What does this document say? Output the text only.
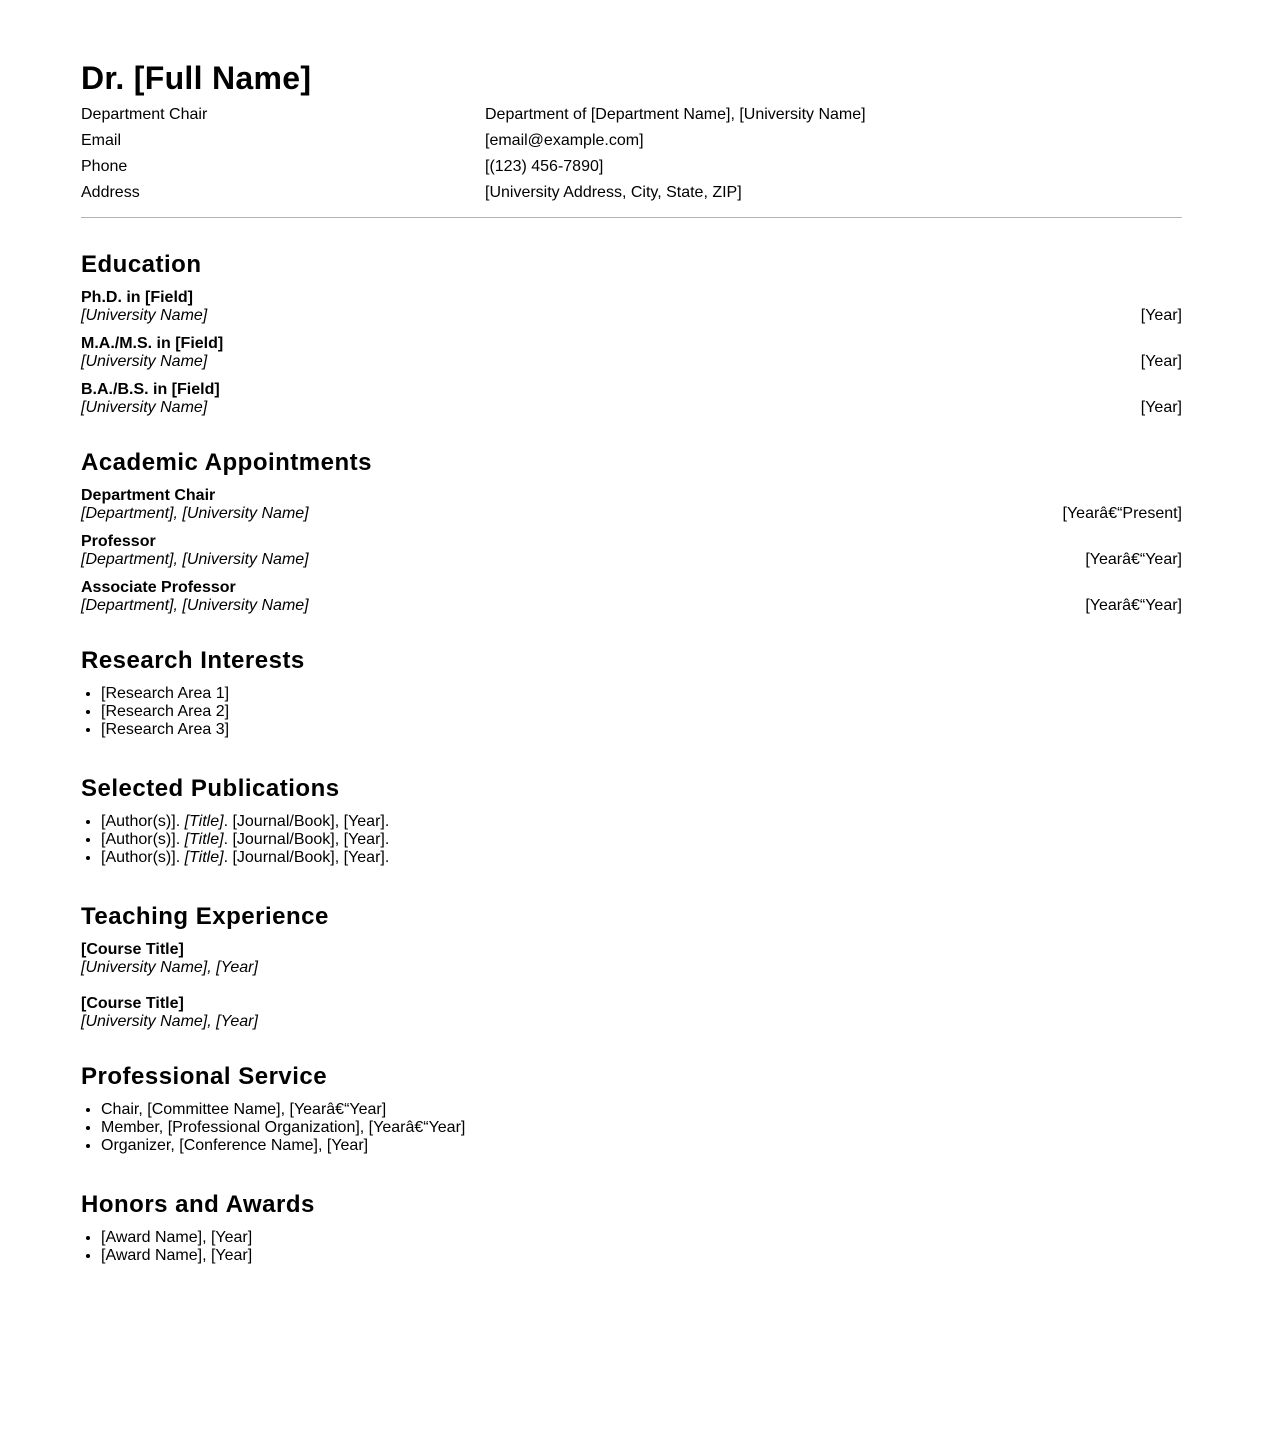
Dr. [Full Name]
Department Chair	Department of [Department Name], [University Name]
Email	[email@example.com]
Phone	[(123) 456-7890]
Address	[University Address, City, State, ZIP]
Education
Ph.D. in [Field]
[University Name]	[Year]
M.A./M.S. in [Field]
[University Name]	[Year]
B.A./B.S. in [Field]
[University Name]	[Year]
Academic Appointments
Department Chair
[Department], [University Name]	[Yearâ€“Present]
Professor
[Department], [University Name]	[Yearâ€“Year]
Associate Professor
[Department], [University Name]	[Yearâ€“Year]
Research Interests
• [Research Area 1]
• [Research Area 2]
• [Research Area 3]
Selected Publications
• [Author(s)]. [Title]. [Journal/Book], [Year].
• [Author(s)]. [Title]. [Journal/Book], [Year].
• [Author(s)]. [Title]. [Journal/Book], [Year].
Teaching Experience
[Course Title]
[University Name], [Year]
[Course Title]
[University Name], [Year]
Professional Service
• Chair, [Committee Name], [Yearâ€“Year]
• Member, [Professional Organization], [Yearâ€“Year]
• Organizer, [Conference Name], [Year]
Honors and Awards
• [Award Name], [Year]
• [Award Name], [Year]
